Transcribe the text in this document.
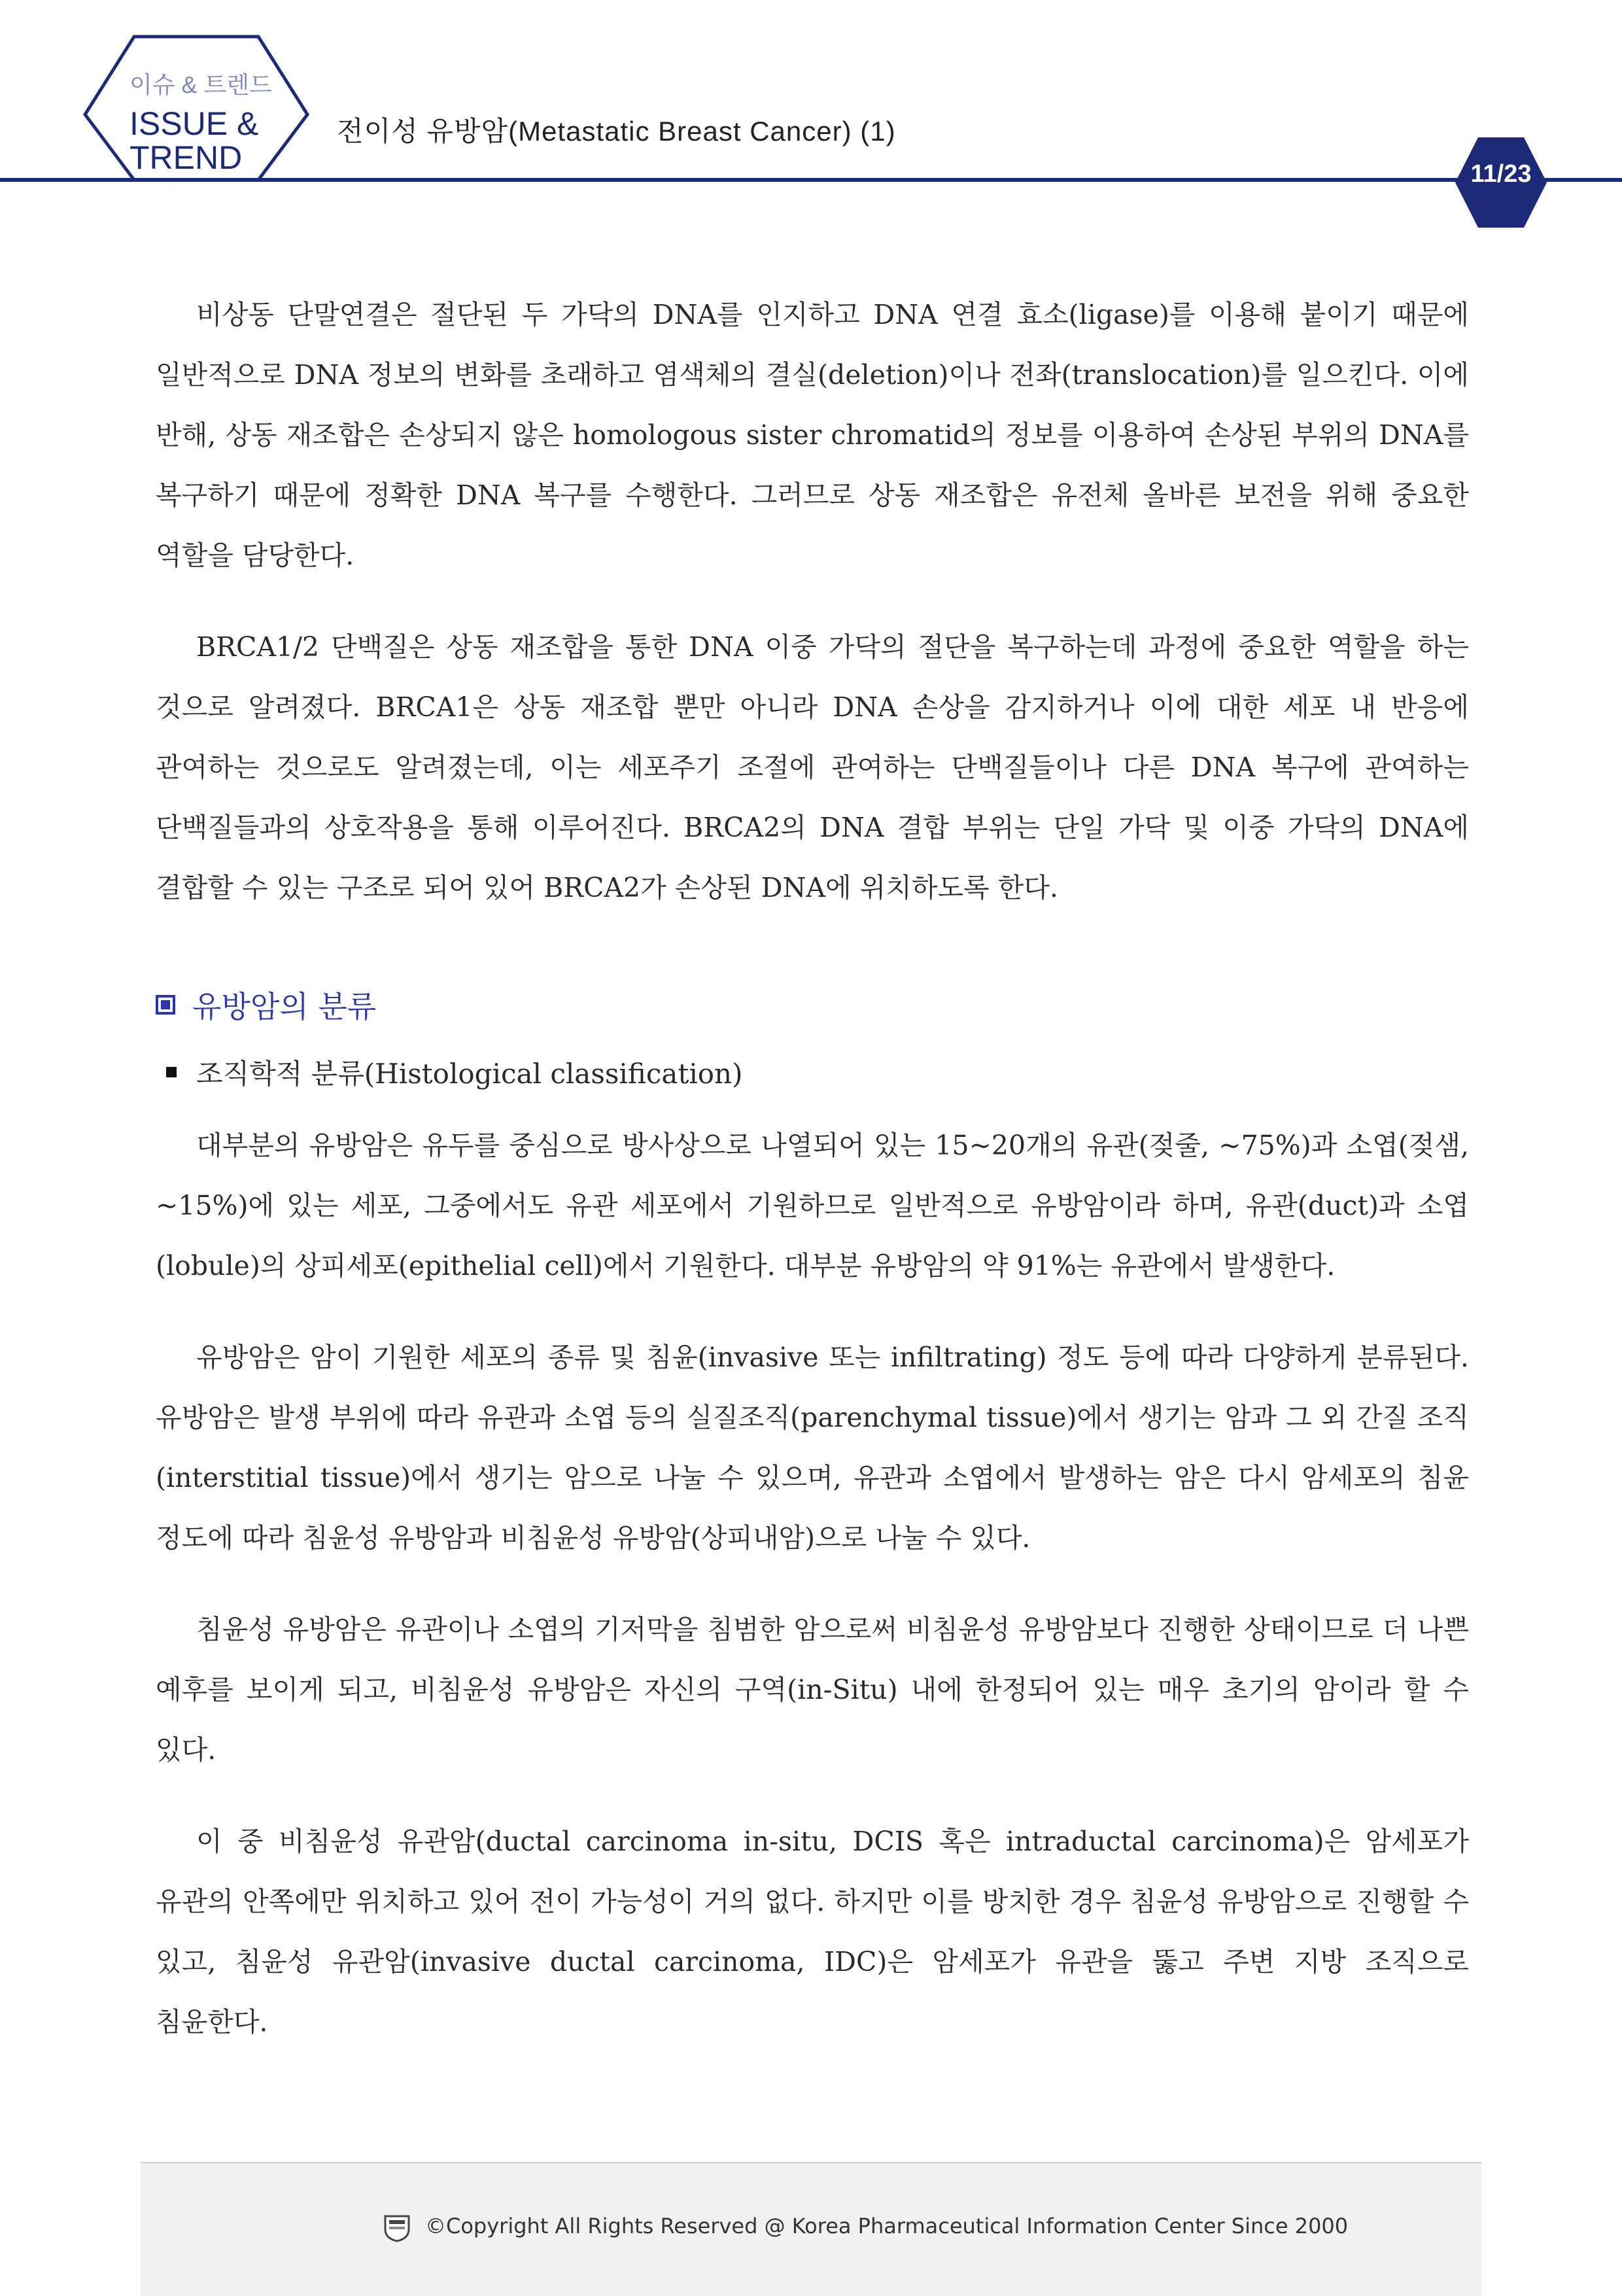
이슈 & 트렌드
ISSUE &
TREND
전이성 유방암(Metastatic Breast Cancer) (1)
11/23

비상동 단말연결은 절단된 두 가닥의 DNA를 인지하고 DNA 연결 효소(ligase)를 이용해 붙이기 때문에 일반적으로 DNA 정보의 변화를 초래하고 염색체의 결실(deletion)이나 전좌(translocation)를 일으킨다. 이에 반해, 상동 재조합은 손상되지 않은 homologous sister chromatid의 정보를 이용하여 손상된 부위의 DNA를 복구하기 때문에 정확한 DNA 복구를 수행한다. 그러므로 상동 재조합은 유전체 올바른 보전을 위해 중요한 역할을 담당한다.

BRCA1/2 단백질은 상동 재조합을 통한 DNA 이중 가닥의 절단을 복구하는데 과정에 중요한 역할을 하는 것으로 알려졌다. BRCA1은 상동 재조합 뿐만 아니라 DNA 손상을 감지하거나 이에 대한 세포 내 반응에 관여하는 것으로도 알려졌는데, 이는 세포주기 조절에 관여하는 단백질들이나 다른 DNA 복구에 관여하는 단백질들과의 상호작용을 통해 이루어진다. BRCA2의 DNA 결합 부위는 단일 가닥 및 이중 가닥의 DNA에 결합할 수 있는 구조로 되어 있어 BRCA2가 손상된 DNA에 위치하도록 한다.

유방암의 분류
조직학적 분류(Histological classification)

대부분의 유방암은 유두를 중심으로 방사상으로 나열되어 있는 15~20개의 유관(젖줄, ~75%)과 소엽(젖샘, ~15%)에 있는 세포, 그중에서도 유관 세포에서 기원하므로 일반적으로 유방암이라 하며, 유관(duct)과 소엽(lobule)의 상피세포(epithelial cell)에서 기원한다. 대부분 유방암의 약 91%는 유관에서 발생한다.

유방암은 암이 기원한 세포의 종류 및 침윤(invasive 또는 infiltrating) 정도 등에 따라 다양하게 분류된다. 유방암은 발생 부위에 따라 유관과 소엽 등의 실질조직(parenchymal tissue)에서 생기는 암과 그 외 간질 조직(interstitial tissue)에서 생기는 암으로 나눌 수 있으며, 유관과 소엽에서 발생하는 암은 다시 암세포의 침윤 정도에 따라 침윤성 유방암과 비침윤성 유방암(상피내암)으로 나눌 수 있다.

침윤성 유방암은 유관이나 소엽의 기저막을 침범한 암으로써 비침윤성 유방암보다 진행한 상태이므로 더 나쁜 예후를 보이게 되고, 비침윤성 유방암은 자신의 구역(in-Situ) 내에 한정되어 있는 매우 초기의 암이라 할 수 있다.

이 중 비침윤성 유관암(ductal carcinoma in-situ, DCIS 혹은 intraductal carcinoma)은 암세포가 유관의 안쪽에만 위치하고 있어 전이 가능성이 거의 없다. 하지만 이를 방치한 경우 침윤성 유방암으로 진행할 수 있고, 침윤성 유관암(invasive ductal carcinoma, IDC)은 암세포가 유관을 뚫고 주변 지방 조직으로 침윤한다.

©Copyright All Rights Reserved @ Korea Pharmaceutical Information Center Since 2000
